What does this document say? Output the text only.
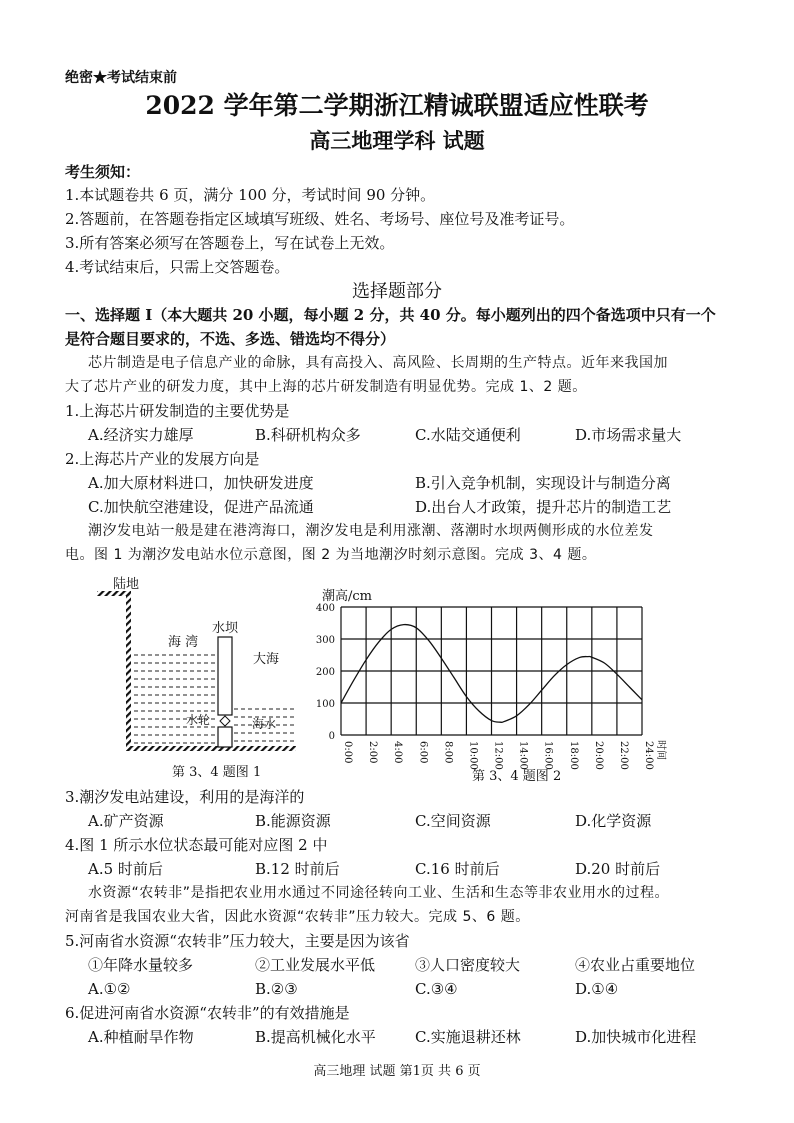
绝密★考试结束前
2022 学年第二学期浙江精诚联盟适应性联考
高三地理学科 试题
考生须知：
1.本试题卷共 6 页，满分 100 分，考试时间 90 分钟。
2.答题前，在答题卷指定区域填写班级、姓名、考场号、座位号及准考证号。
3.所有答案必须写在答题卷上，写在试卷上无效。
4.考试结束后，只需上交答题卷。
选择题部分
一、选择题 I（本大题共 20 小题，每小题 2 分，共 40 分。每小题列出的四个备选项中只有一个
是符合题目要求的，不选、多选、错选均不得分）
芯片制造是电子信息产业的命脉，具有高投入、高风险、长周期的生产特点。近年来我国加
大了芯片产业的研发力度，其中上海的芯片研发制造有明显优势。完成 1、2 题。
1.上海芯片研发制造的主要优势是
A.经济实力雄厚	B.科研机构众多	C.水陆交通便利	D.市场需求量大
2.上海芯片产业的发展方向是
A.加大原材料进口，加快研发进度	B.引入竞争机制，实现设计与制造分离
C.加快航空港建设，促进产品流通	D.出台人才政策，提升芯片的制造工艺
潮汐发电站一般是建在港湾海口，潮汐发电是利用涨潮、落潮时水坝两侧形成的水位差发
电。图 1 为潮汐发电站水位示意图，图 2 为当地潮汐时刻示意图。完成 3、4 题。
陆地
海 湾
水坝
大海
水轮	海水
第 3、4 题图 1
潮高/cm
第 3、4 题图 2
时间
0:00 2:00 4:00 6:00 8:00 10:00 12:00 14:00 16:00 18:00 20:00 22:00 24:00
0
100
200
300
400
3.潮汐发电站建设，利用的是海洋的
A.矿产资源	B.能源资源	C.空间资源	D.化学资源
4.图 1 所示水位状态最可能对应图 2 中
A.5 时前后	B.12 时前后	C.16 时前后	D.20 时前后
水资源“农转非”是指把农业用水通过不同途径转向工业、生活和生态等非农业用水的过程。
河南省是我国农业大省，因此水资源“农转非”压力较大。完成 5、6 题。
5.河南省水资源“农转非”压力较大，主要是因为该省
①年降水量较多	②工业发展水平低	③人口密度较大	④农业占重要地位
A.①②	B.②③	C.③④	D.①④
6.促进河南省水资源“农转非”的有效措施是
A.种植耐旱作物	B.提高机械化水平	C.实施退耕还林	D.加快城市化进程
高三地理 试题 第1页 共 6 页
